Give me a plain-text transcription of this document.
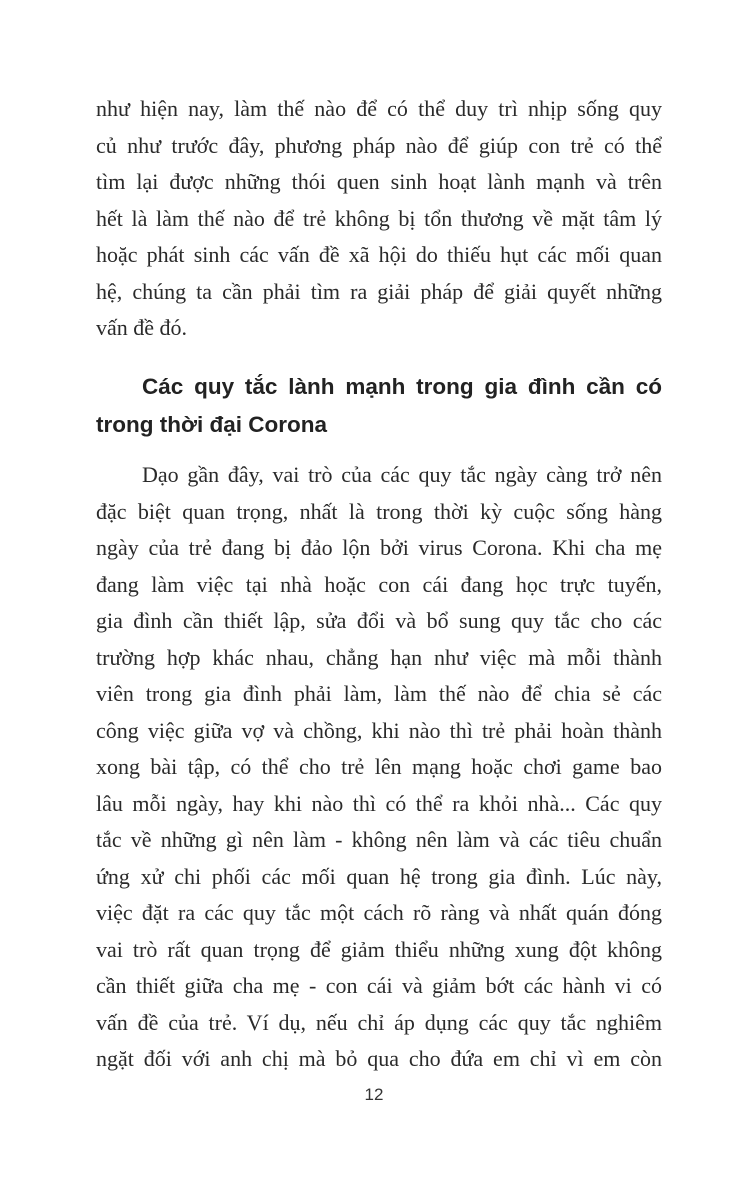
như hiện nay, làm thế nào để có thể duy trì nhịp sống quy
củ như trước đây, phương pháp nào để giúp con trẻ có thể
tìm lại được những thói quen sinh hoạt lành mạnh và trên
hết là làm thế nào để trẻ không bị tổn thương về mặt tâm lý
hoặc phát sinh các vấn đề xã hội do thiếu hụt các mối quan
hệ, chúng ta cần phải tìm ra giải pháp để giải quyết những
vấn đề đó.
Các quy tắc lành mạnh trong gia đình cần có
trong thời đại Corona
Dạo gần đây, vai trò của các quy tắc ngày càng trở nên
đặc biệt quan trọng, nhất là trong thời kỳ cuộc sống hàng
ngày của trẻ đang bị đảo lộn bởi virus Corona. Khi cha mẹ
đang làm việc tại nhà hoặc con cái đang học trực tuyến,
gia đình cần thiết lập, sửa đổi và bổ sung quy tắc cho các
trường hợp khác nhau, chẳng hạn như việc mà mỗi thành
viên trong gia đình phải làm, làm thế nào để chia sẻ các
công việc giữa vợ và chồng, khi nào thì trẻ phải hoàn thành
xong bài tập, có thể cho trẻ lên mạng hoặc chơi game bao
lâu mỗi ngày, hay khi nào thì có thể ra khỏi nhà... Các quy
tắc về những gì nên làm - không nên làm và các tiêu chuẩn
ứng xử chi phối các mối quan hệ trong gia đình. Lúc này,
việc đặt ra các quy tắc một cách rõ ràng và nhất quán đóng
vai trò rất quan trọng để giảm thiểu những xung đột không
cần thiết giữa cha mẹ - con cái và giảm bớt các hành vi có
vấn đề của trẻ. Ví dụ, nếu chỉ áp dụng các quy tắc nghiêm
ngặt đối với anh chị mà bỏ qua cho đứa em chỉ vì em còn
12
